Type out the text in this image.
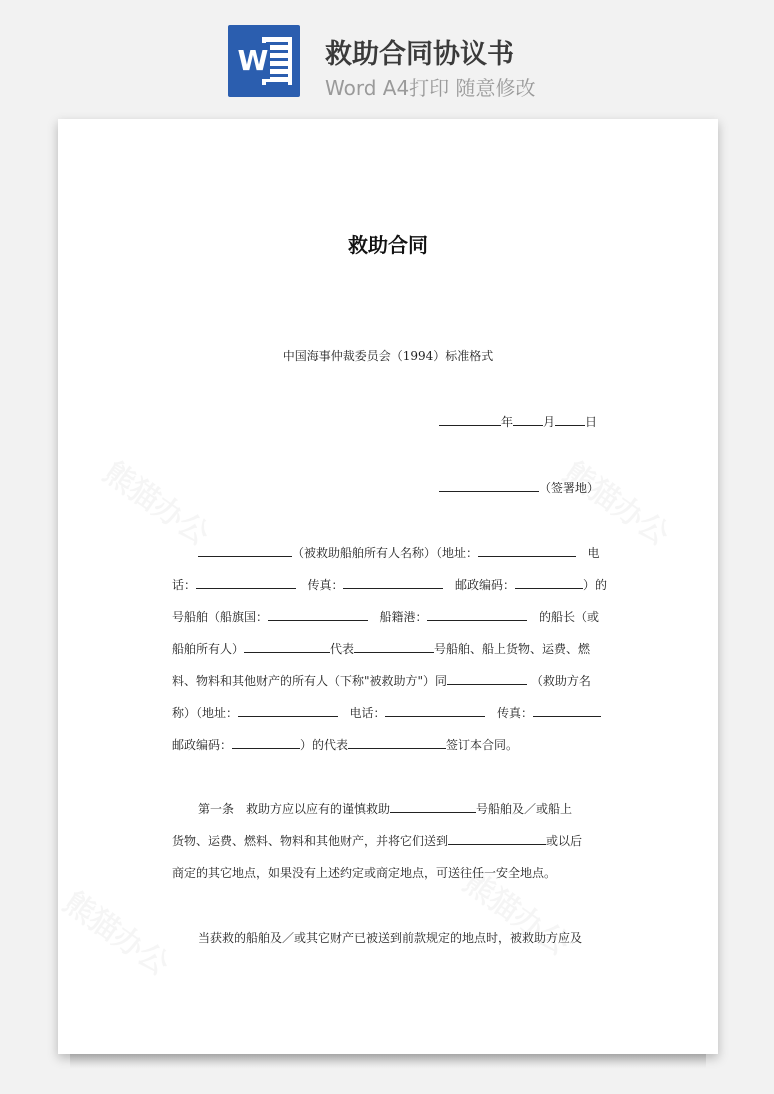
W 救助合同协议书
Word A4打印 随意修改
救助合同
中国海事仲裁委员会（1994）标准格式
年	月	日
（签署地）
（被救助船舶所有人名称）（地址：	电
话：	传真：	邮政编码：	）的
号船舶（船旗国：	船籍港：	的船长（或
船舶所有人）	代表	号船舶、船上货物、运费、燃
料、物料和其他财产的所有人（下称"被救助方"）同	（救助方名
称）（地址：	电话：	传真：
邮政编码：	）的代表	签订本合同。
第一条　救助方应以应有的谨慎救助	号船舶及／或船上
货物、运费、燃料、物料和其他财产，并将它们送到	或以后
商定的其它地点，如果没有上述约定或商定地点，可送往任一安全地点。
当获救的船舶及／或其它财产已被送到前款规定的地点时，被救助方应及
